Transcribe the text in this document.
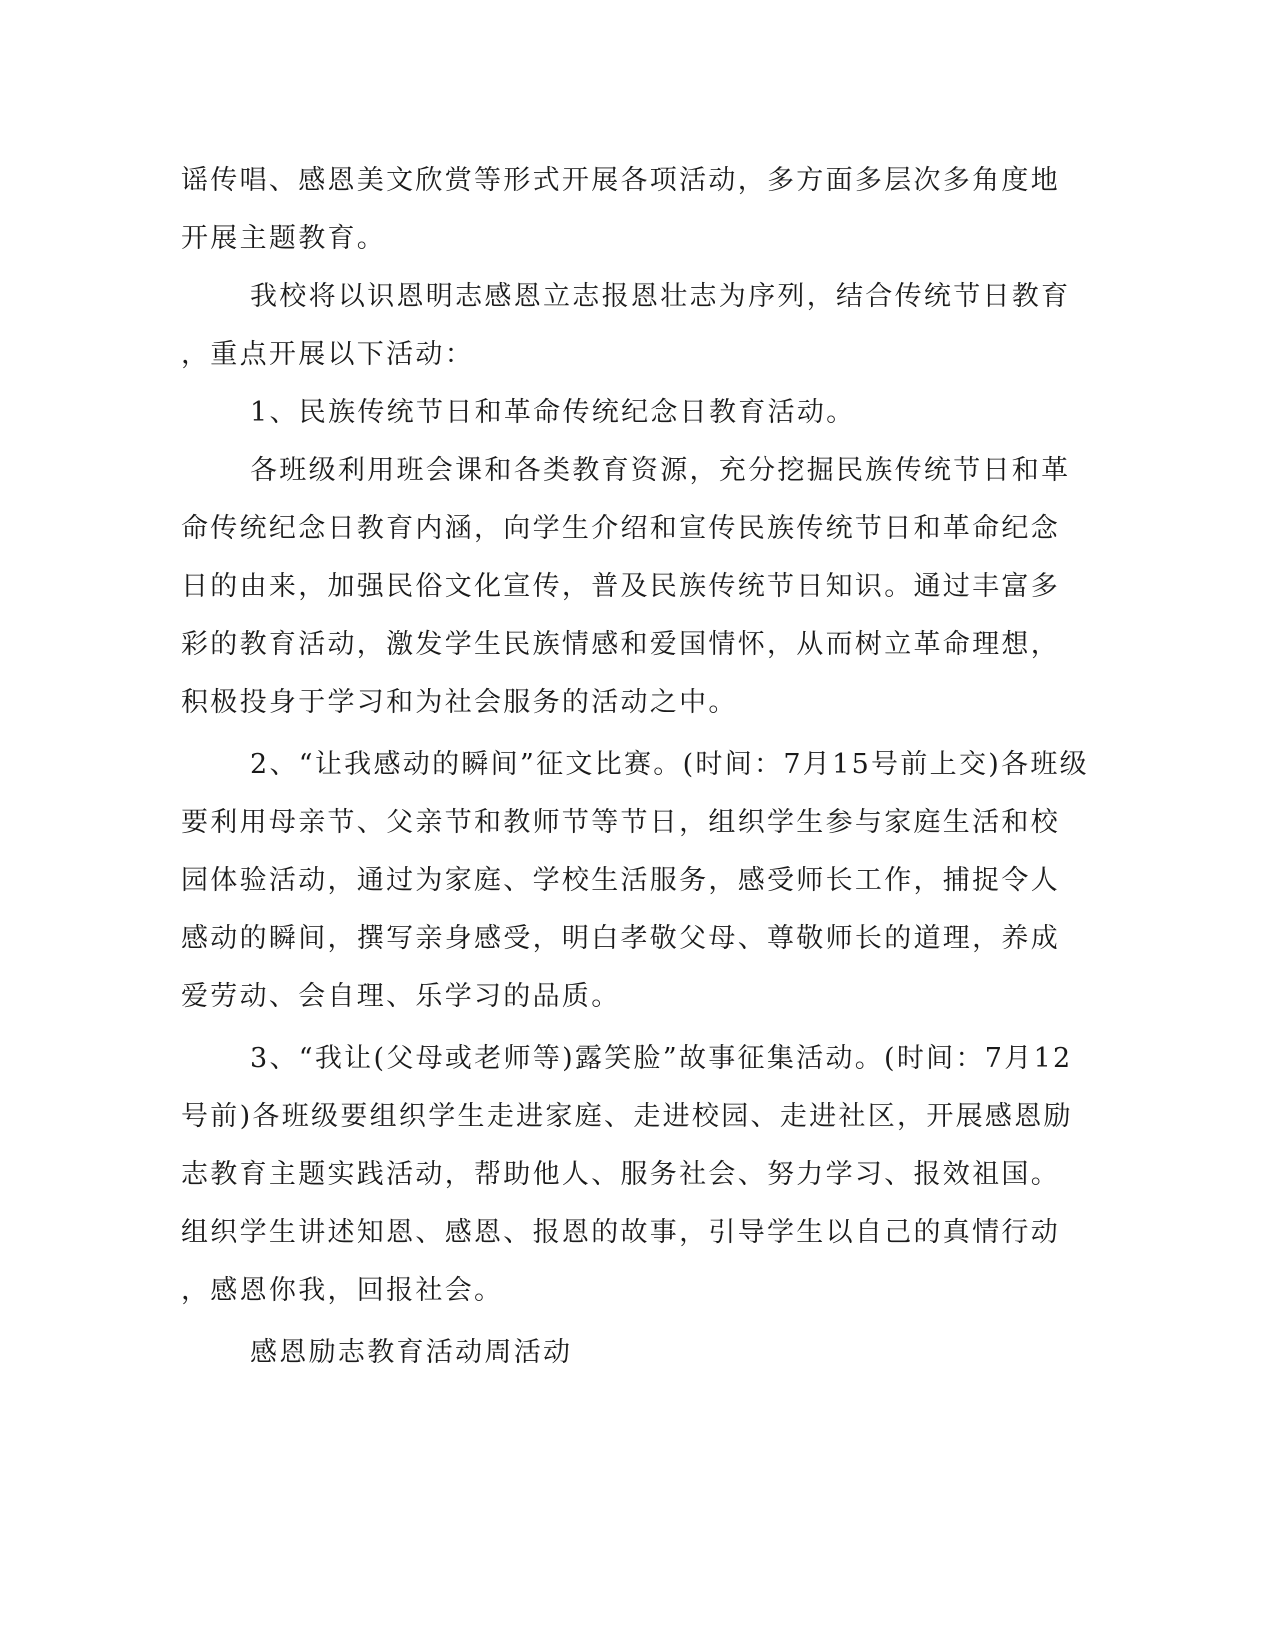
谣传唱、感恩美文欣赏等形式开展各项活动，多方面多层次多角度地
开展主题教育。
我校将以识恩明志感恩立志报恩壮志为序列，结合传统节日教育
，重点开展以下活动：
1、民族传统节日和革命传统纪念日教育活动。
各班级利用班会课和各类教育资源，充分挖掘民族传统节日和革
命传统纪念日教育内涵，向学生介绍和宣传民族传统节日和革命纪念
日的由来，加强民俗文化宣传，普及民族传统节日知识。通过丰富多
彩的教育活动，激发学生民族情感和爱国情怀，从而树立革命理想，
积极投身于学习和为社会服务的活动之中。
2、“让我感动的瞬间”征文比赛。(时间：7月15号前上交)各班级
要利用母亲节、父亲节和教师节等节日，组织学生参与家庭生活和校
园体验活动，通过为家庭、学校生活服务，感受师长工作，捕捉令人
感动的瞬间，撰写亲身感受，明白孝敬父母、尊敬师长的道理，养成
爱劳动、会自理、乐学习的品质。
3、“我让(父母或老师等)露笑脸”故事征集活动。(时间：7月12
号前)各班级要组织学生走进家庭、走进校园、走进社区，开展感恩励
志教育主题实践活动，帮助他人、服务社会、努力学习、报效祖国。
组织学生讲述知恩、感恩、报恩的故事，引导学生以自己的真情行动
，感恩你我，回报社会。
感恩励志教育活动周活动
